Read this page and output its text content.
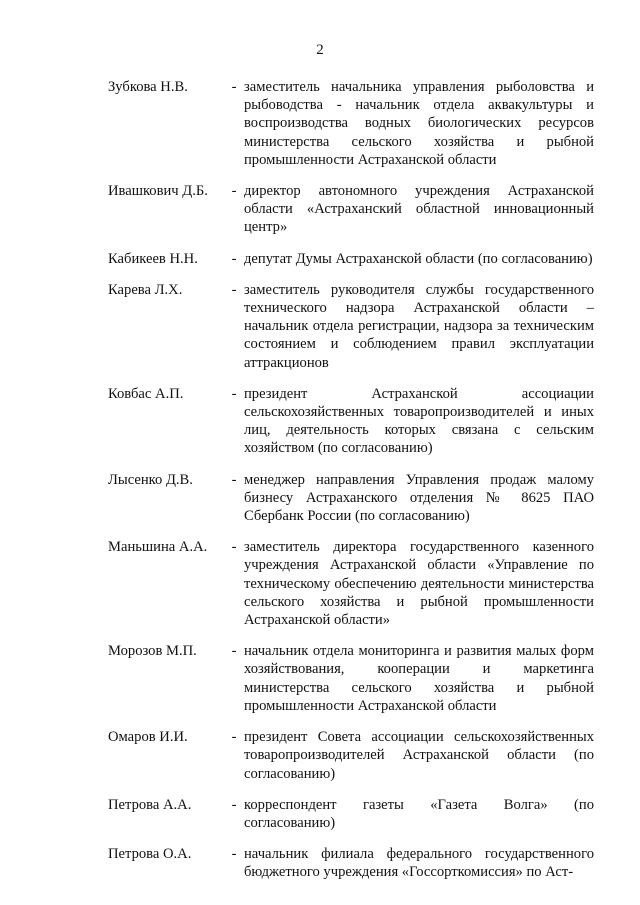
2
Зубкова Н.В.	- заместитель начальника управления рыболовства и рыбоводства - начальник отдела аквакультуры и воспроизводства водных биологических ресурсов министерства сельского хозяйства и рыбной промышленности Астраханской области
Ивашкович Д.Б.	- директор автономного учреждения Астраханской области «Астраханский областной инновационный центр»
Кабикеев Н.Н.	- депутат Думы Астраханской области (по согласованию)
Карева Л.Х.	- заместитель руководителя службы государственного технического надзора Астраханской области – начальник отдела регистрации, надзора за техническим состоянием и соблюдением правил эксплуатации аттракционов
Ковбас А.П.	- президент Астраханской ассоциации сельскохозяйственных товаропроизводителей и иных лиц, деятельность которых связана с сельским хозяйством (по согласованию)
Лысенко Д.В.	- менеджер направления Управления продаж малому бизнесу Астраханского отделения № 8625 ПАО Сбербанк России (по согласованию)
Маньшина А.А.	- заместитель директора государственного казенного учреждения Астраханской области «Управление по техническому обеспечению деятельности министерства сельского хозяйства и рыбной промышленности Астраханской области»
Морозов М.П.	- начальник отдела мониторинга и развития малых форм хозяйствования, кооперации и маркетинга министерства сельского хозяйства и рыбной промышленности Астраханской области
Омаров И.И.	- президент Совета ассоциации сельскохозяйственных товаропроизводителей Астраханской области (по согласованию)
Петрова А.А.	- корреспондент газеты «Газета Волга» (по согласованию)
Петрова О.А.	- начальник филиала федерального государственного бюджетного учреждения «Госсорткомиссия» по Аст-
